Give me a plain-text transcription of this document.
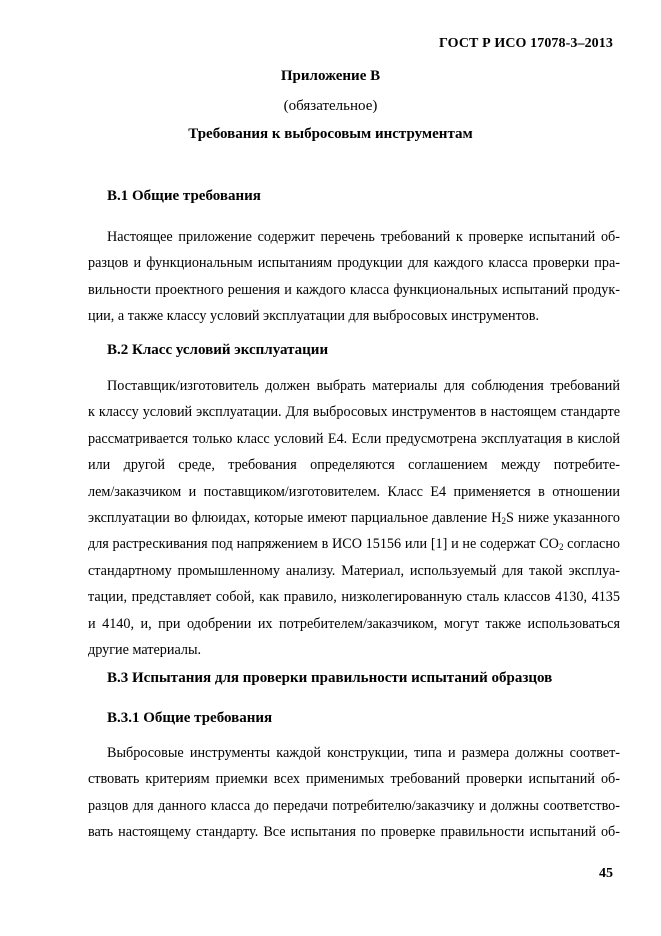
ГОСТ Р ИСО 17078-3–2013
Приложение В
(обязательное)
Требования к выбросовым инструментам
В.1 Общие требования
Настоящее приложение содержит перечень требований к проверке испытаний об-
разцов и функциональным испытаниям продукции для каждого класса проверки пра-
вильности проектного решения и каждого класса функциональных испытаний продук-
ции, а также классу условий эксплуатации для выбросовых инструментов.
В.2 Класс условий эксплуатации
Поставщик/изготовитель должен выбрать материалы для соблюдения требований
к классу условий эксплуатации. Для выбросовых инструментов в настоящем стандарте
рассматривается только класс условий Е4. Если предусмотрена эксплуатация в кислой
или другой среде, требования определяются соглашением между потребите-
лем/заказчиком и поставщиком/изготовителем. Класс Е4 применяется в отношении
эксплуатации во флюидах, которые имеют парциальное давление $H_2S$ ниже указанного
для растрескивания под напряжением в ИСО 15156 или [1] и не содержат $CO_2$ согласно
стандартному промышленному анализу. Материал, используемый для такой эксплуа-
тации, представляет собой, как правило, низколегированную сталь классов 4130, 4135
и 4140, и, при одобрении их потребителем/заказчиком, могут также использоваться
другие материалы.
В.3 Испытания для проверки правильности испытаний образцов
В.3.1 Общие требования
Выбросовые инструменты каждой конструкции, типа и размера должны соответ-
ствовать критериям приемки всех применимых требований проверки испытаний об-
разцов для данного класса до передачи потребителю/заказчику и должны соответство-
вать настоящему стандарту. Все испытания по проверке правильности испытаний об-
45
